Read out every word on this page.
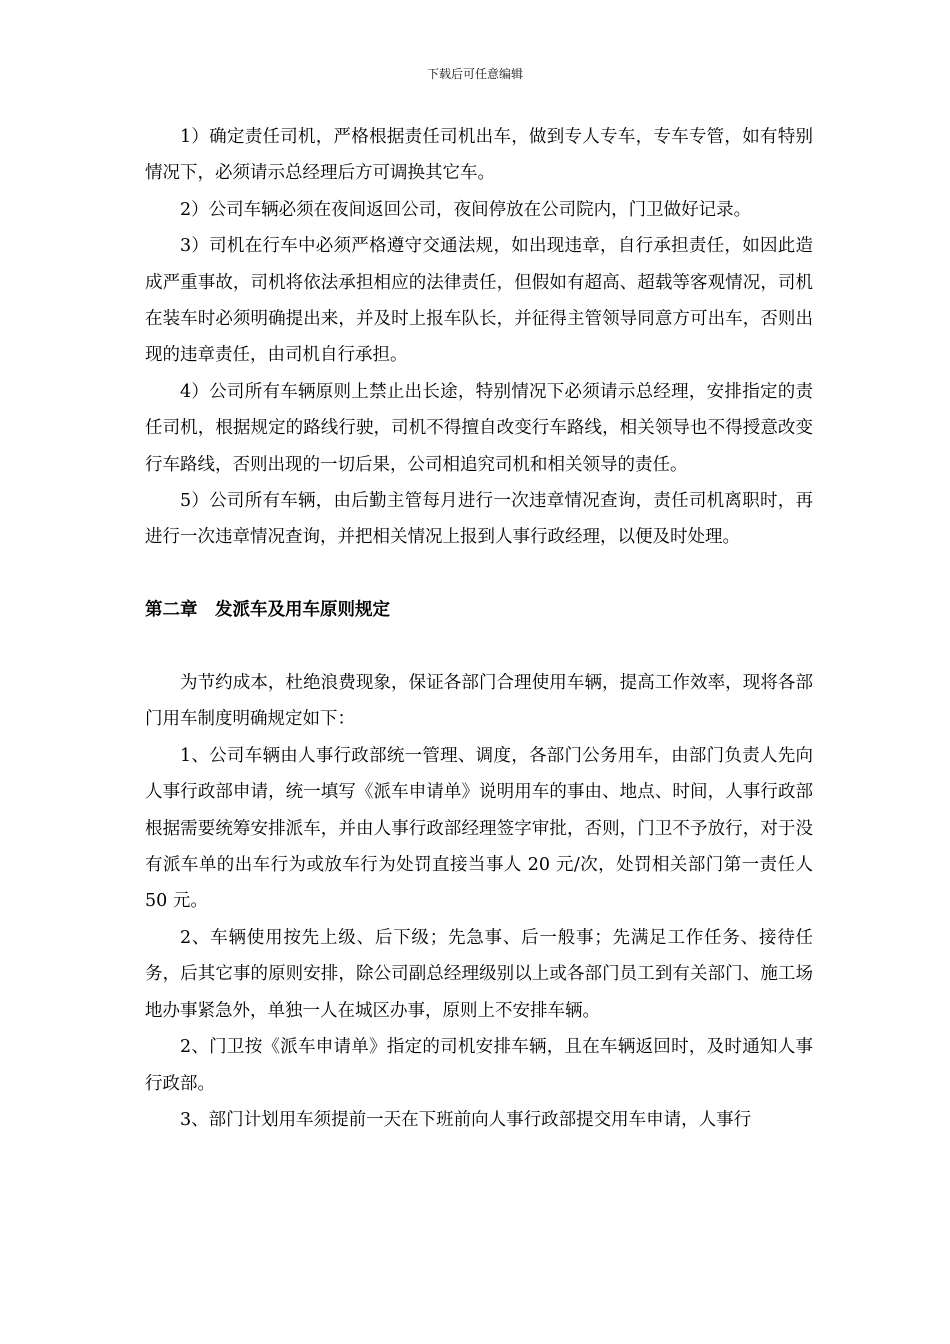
下载后可任意编辑

1）确定责任司机，严格根据责任司机出车，做到专人专车，专车专管，如有特别情况下，必须请示总经理后方可调换其它车。

2）公司车辆必须在夜间返回公司，夜间停放在公司院内，门卫做好记录。

3）司机在行车中必须严格遵守交通法规，如出现违章，自行承担责任，如因此造成严重事故，司机将依法承担相应的法律责任，但假如有超高、超载等客观情况，司机在装车时必须明确提出来，并及时上报车队长，并征得主管领导同意方可出车，否则出现的违章责任，由司机自行承担。

4）公司所有车辆原则上禁止出长途，特别情况下必须请示总经理，安排指定的责任司机，根据规定的路线行驶，司机不得擅自改变行车路线，相关领导也不得授意改变行车路线，否则出现的一切后果，公司相追究司机和相关领导的责任。

5）公司所有车辆，由后勤主管每月进行一次违章情况查询，责任司机离职时，再进行一次违章情况查询，并把相关情况上报到人事行政经理，以便及时处理。

第二章　发派车及用车原则规定

为节约成本，杜绝浪费现象，保证各部门合理使用车辆，提高工作效率，现将各部门用车制度明确规定如下：

1、公司车辆由人事行政部统一管理、调度，各部门公务用车，由部门负责人先向人事行政部申请，统一填写《派车申请单》说明用车的事由、地点、时间，人事行政部根据需要统筹安排派车，并由人事行政部经理签字审批，否则，门卫不予放行，对于没有派车单的出车行为或放车行为处罚直接当事人 20 元/次，处罚相关部门第一责任人 50 元。

2、车辆使用按先上级、后下级；先急事、后一般事；先满足工作任务、接待任务，后其它事的原则安排，除公司副总经理级别以上或各部门员工到有关部门、施工场地办事紧急外，单独一人在城区办事，原则上不安排车辆。

2、门卫按《派车申请单》指定的司机安排车辆，且在车辆返回时，及时通知人事行政部。

3、部门计划用车须提前一天在下班前向人事行政部提交用车申请，人事行
